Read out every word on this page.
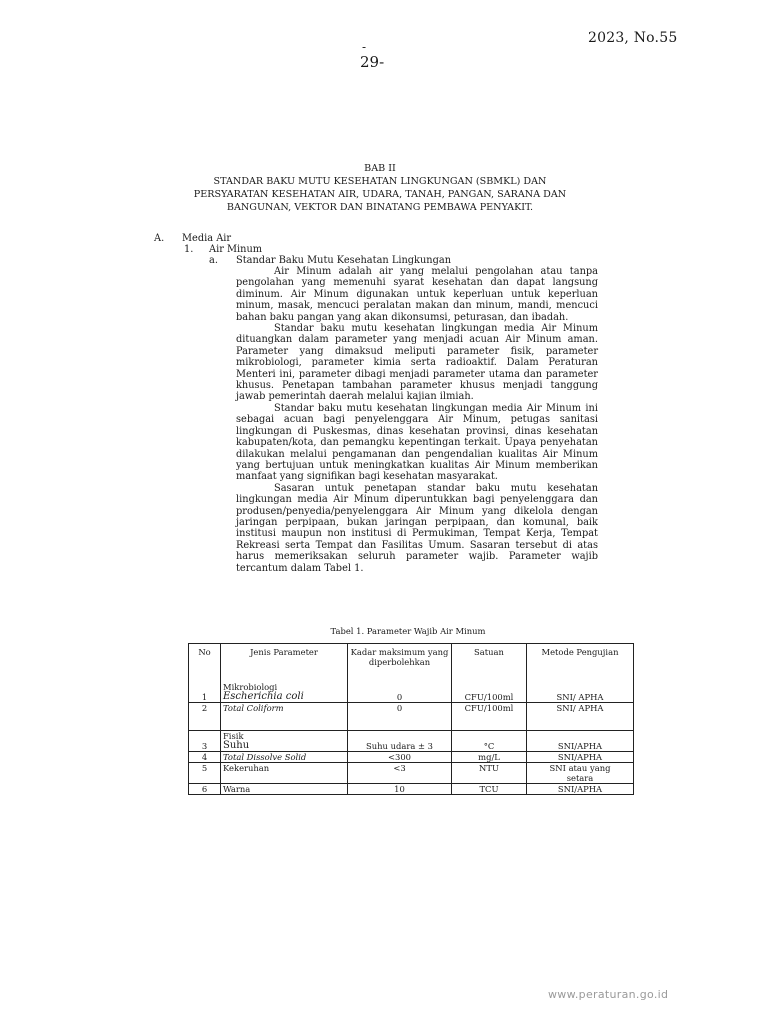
2023, No.55
-
29-
BAB II
STANDAR BAKU MUTU KESEHATAN LINGKUNGAN (SBMKL) DAN
PERSYARATAN KESEHATAN AIR, UDARA, TANAH, PANGAN, SARANA DAN
BANGUNAN, VEKTOR DAN BINATANG PEMBAWA PENYAKIT.
A. Media Air
1. Air Minum
a. Standar Baku Mutu Kesehatan Lingkungan

Air Minum adalah air yang melalui pengolahan atau tanpa pengolahan yang memenuhi syarat kesehatan dan dapat langsung diminum. Air Minum digunakan untuk keperluan untuk keperluan minum, masak, mencuci peralatan makan dan minum, mandi, mencuci bahan baku pangan yang akan dikonsumsi, peturasan, dan ibadah.

Standar baku mutu kesehatan lingkungan media Air Minum dituangkan dalam parameter yang menjadi acuan Air Minum aman. Parameter yang dimaksud meliputi parameter fisik, parameter mikrobiologi, parameter kimia serta radioaktif. Dalam Peraturan Menteri ini, parameter dibagi menjadi parameter utama dan parameter khusus. Penetapan tambahan parameter khusus menjadi tanggung jawab pemerintah daerah melalui kajian ilmiah.

Standar baku mutu kesehatan lingkungan media Air Minum ini sebagai acuan bagi penyelenggara Air Minum, petugas sanitasi lingkungan di Puskesmas, dinas kesehatan provinsi, dinas kesehatan kabupaten/kota, dan pemangku kepentingan terkait. Upaya penyehatan dilakukan melalui pengamanan dan pengendalian kualitas Air Minum yang bertujuan untuk meningkatkan kualitas Air Minum memberikan manfaat yang signifikan bagi kesehatan masyarakat.

Sasaran untuk penetapan standar baku mutu kesehatan lingkungan media Air Minum diperuntukkan bagi penyelenggara dan produsen/penyedia/penyelenggara Air Minum yang dikelola dengan jaringan perpipaan, bukan jaringan perpipaan, dan komunal, baik institusi maupun non institusi di Permukiman, Tempat Kerja, Tempat Rekreasi serta Tempat dan Fasilitas Umum. Sasaran tersebut di atas harus memeriksakan seluruh parameter wajib. Parameter wajib tercantum dalam Tabel 1.

Tabel 1. Parameter Wajib Air Minum
No	Jenis Parameter	Kadar maksimum yang diperbolehkan	Satuan	Metode Pengujian
	Mikrobiologi			
1	Escherichia coli	0	CFU/100ml	SNI/ APHA
2	Total Coliform	0	CFU/100ml	SNI/ APHA
	Fisik			
3	Suhu	Suhu udara ± 3	°C	SNI/APHA
4	Total Dissolve Solid	<300	mg/L	SNI/APHA
5	Kekeruhan	<3	NTU	SNI atau yang setara
6	Warna	10	TCU	SNI/APHA
www.peraturan.go.id
